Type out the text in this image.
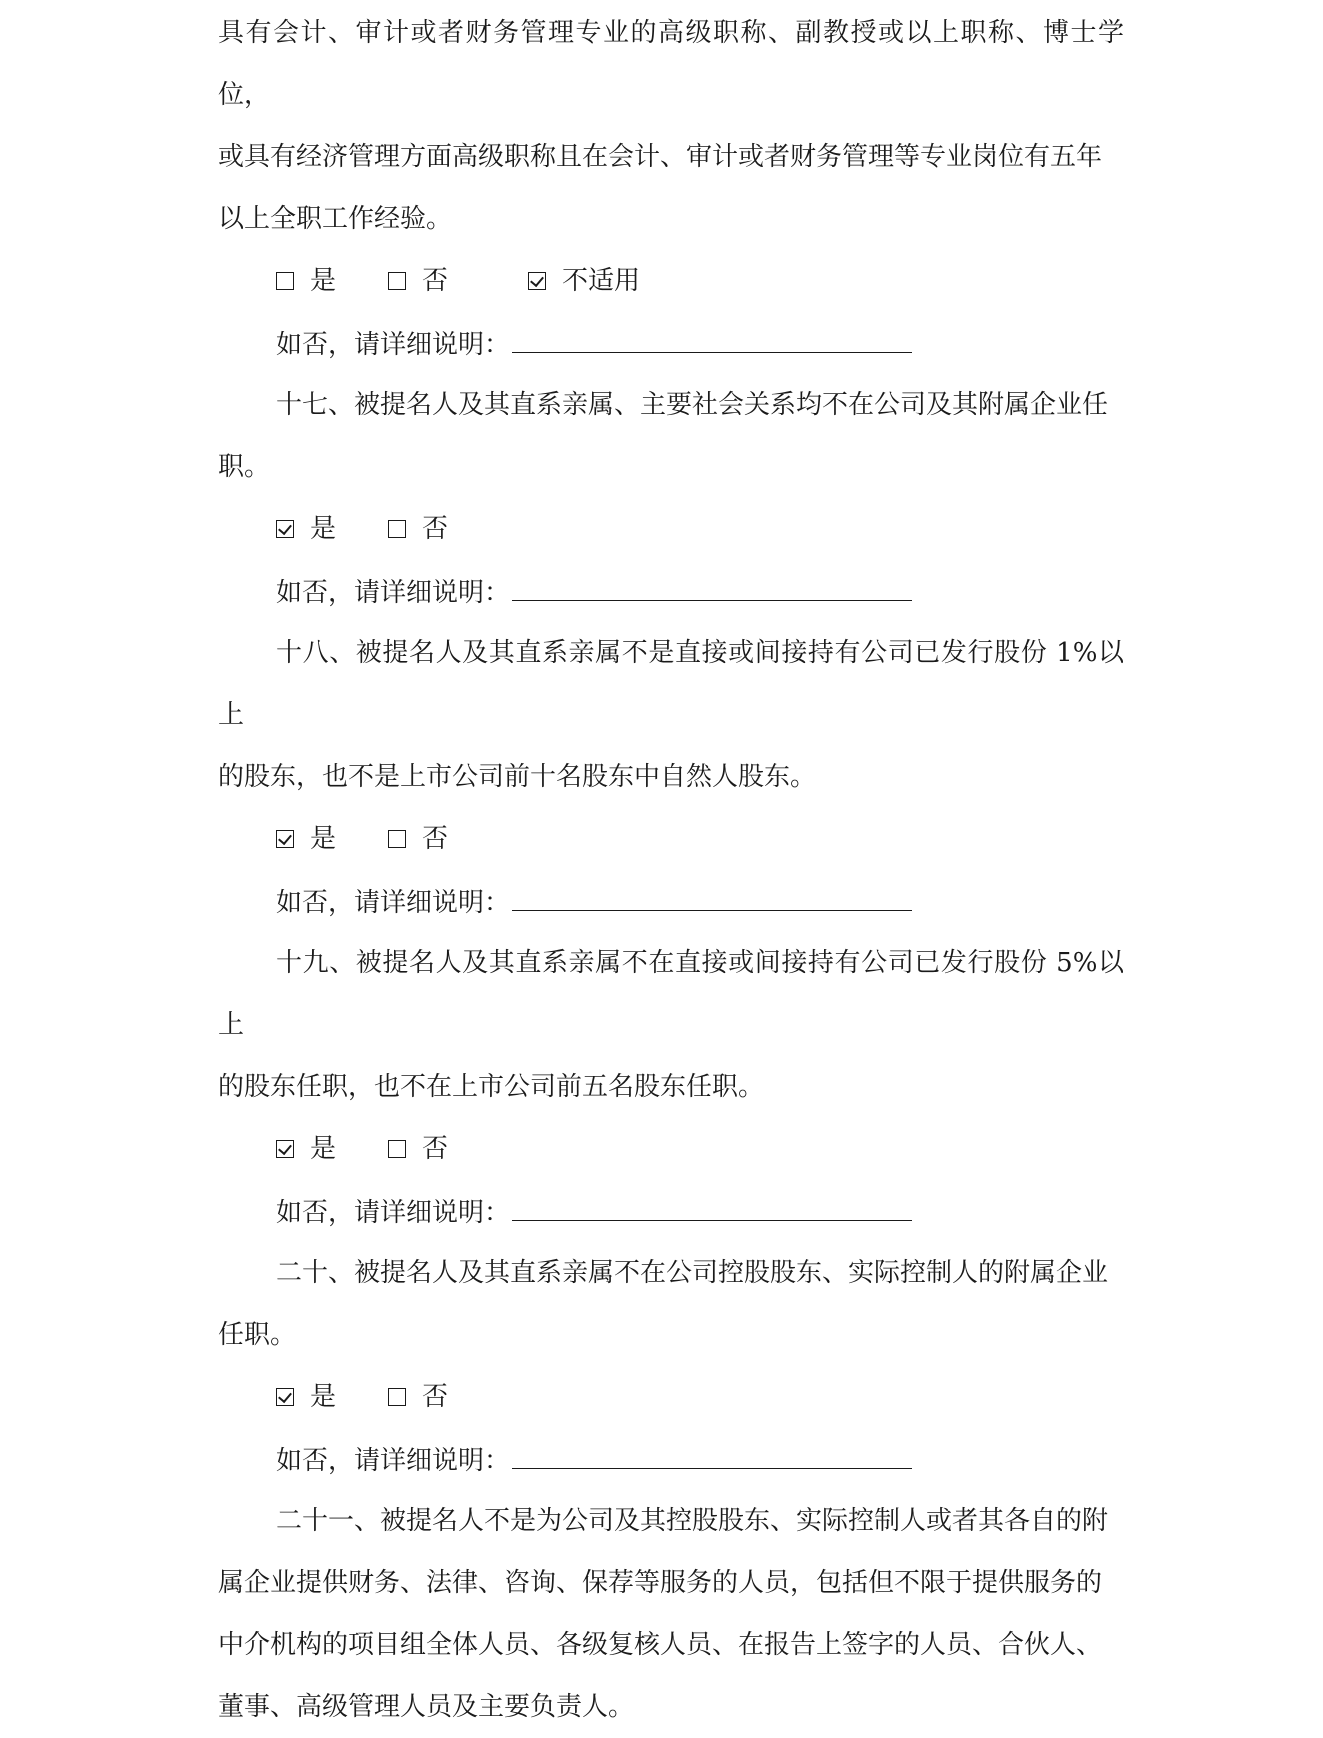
具有会计、审计或者财务管理专业的高级职称、副教授或以上职称、博士学位，
或具有经济管理方面高级职称且在会计、审计或者财务管理等专业岗位有五年
以上全职工作经验。
是	否	不适用
如否，请详细说明：
十七、被提名人及其直系亲属、主要社会关系均不在公司及其附属企业任
职。
是	否
如否，请详细说明：
十八、被提名人及其直系亲属不是直接或间接持有公司已发行股份 1%以上
的股东，也不是上市公司前十名股东中自然人股东。
是	否
如否，请详细说明：
十九、被提名人及其直系亲属不在直接或间接持有公司已发行股份 5%以上
的股东任职，也不在上市公司前五名股东任职。
是	否
如否，请详细说明：
二十、被提名人及其直系亲属不在公司控股股东、实际控制人的附属企业
任职。
是	否
如否，请详细说明：
二十一、被提名人不是为公司及其控股股东、实际控制人或者其各自的附
属企业提供财务、法律、咨询、保荐等服务的人员，包括但不限于提供服务的
中介机构的项目组全体人员、各级复核人员、在报告上签字的人员、合伙人、
董事、高级管理人员及主要负责人。
